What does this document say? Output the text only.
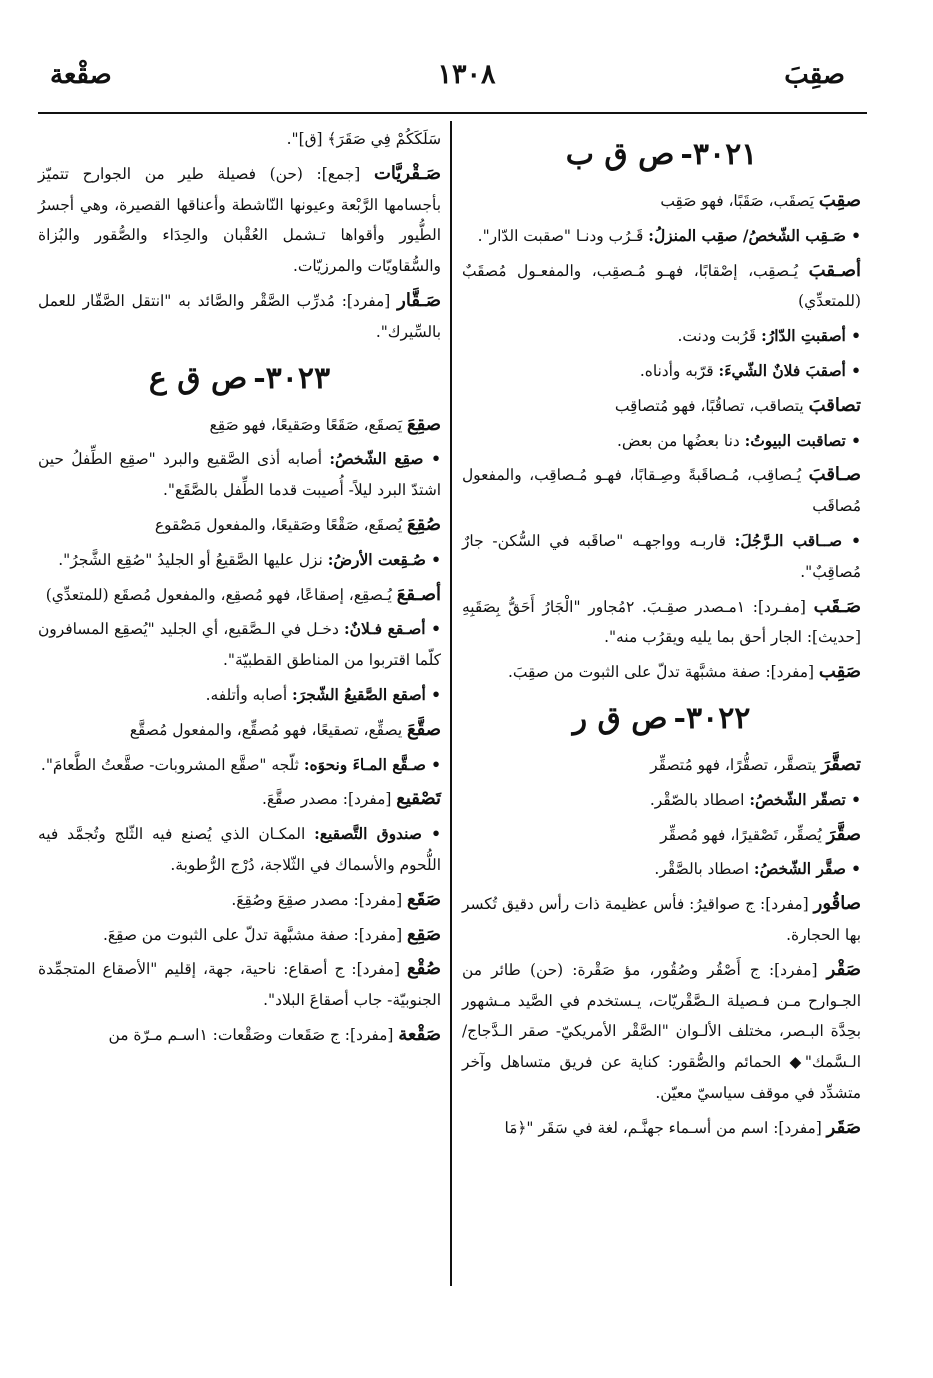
صقِبَ
١٣٠٨
صقْعة
٣٠٢١-
ص ق ب

صقِبَ يَصقَب، صَقَبًا، فهو صَقِب

• صَـقِب الشّخصُ/ صقِب المنزلُ: قَـرُب ودنـا "صقبت الدّار".

أصـقبَ يُـصقِب، إصْقابًا، فهـو مُـصقِب، والمفعـول مُصقَبٌ (للمتعدِّي)

• أصقبتِ الدّارُ: قَرُبت ودنت.

• أصقبَ فلانٌ الشّيءَ: قرّبه وأدناه.

تصاقبَ يتصاقب، تصاقُبًا، فهو مُتصاقِب

• تصاقبت البيوتُ: دنا بعضُها من بعض.

صـاقبَ يُـصاقِب، مُـصاقَبةً وصِـقابًا، فهـو مُـصاقِب، والمفعول مُصاقَب

• صــاقب الـرَّجُلَ: قاربـه وواجهـه "صاقَبه في السُّكن- جارٌ مُصاقِبٌ".

صَـقَب [مفـرد]: ١مـصدر صقِـبَ. ٢مُجاور "الْجَارُ أَحَقُّ بِصَقَبِهِ [حديث]: الجار أحق بما يليه ويقرُب منه".

صَقِب [مفرد]: صفة مشبَّهة تدلّ على الثبوت من صقِبَ.

٣٠٢٢-
ص ق ر

تصقَّرَ يتصقَّر، تصقُّرًا، فهو مُتصقِّر

• تصقّر الشّخصُ: اصطاد بالصّقْر.

صقَّرَ يُصقِّر، تَصْقيرًا، فهو مُصقِّر

• صقَّر الشّخصُ: اصطاد بالصَّقْر.

صاقُور [مفرد]: ج صواقيرُ: فأس عظيمة ذات رأس دقيق تُكسر بها الحجارة.

صَقْر [مفرد]: ج أَصْقُر وصُقُور، مؤ صَقْرة: (حن) طائر من الجـوارح مـن فـصيلة الـصَّقْريّات، يـستخدم في الصَّيد مـشهور بحِدَّة البـصر، مختلف الألـوان "الصَّقْر الأمريكيّ- صقر الـدَّجاج/ الـسَّمك"◆ الحمائم والصُّقور: كناية عن فريق متساهل وآخر متشدِّد في موقف سياسيّ معيّن.

صَقَر [مفرد]: اسم من أسـماء جهنَّـم، لغة في سَقَر "﴿مَا

سَلَكَكُمْ فِي صَقَرَ﴾ [ق]".

صَـقْريَّات [جمع]: (حن) فصيلة طير من الجوارح تتميّز بأجسامها الرَّبْعة وعيونها النّاشطة وأعناقها القصيرة، وهي أجسرُ الطُّيور وأقواها تـشمل العُقْبان والحِدَاء والصُّقور والبُزاة والسُّقاويّات والمرزيّات.

صَـقَّار [مفرد]: مُدرِّب الصَّقْر والصَّائد به "انتقل الصَّقّار للعمل بالسِّيرك".

٣٠٢٣-
ص ق ع

صقِعَ يَصقَع، صَقَعًا وصَقيعًا، فهو صَقِع

• صقِع الشّخصُ: أصابه أذى الصَّقيع والبرد "صقِع الطِّفلُ حين اشتدّ البرد ليلاً- أُصيبت قدما الطِّفل بالصَّقَع".

صُقِعَ يُصقَع، صَقْعًا وصَقيعًا، والمفعول مَصْقوع

• صُـقِعت الأرضُ: نزل عليها الصَّقيعُ أو الجليدُ "صُقِع الشَّجرُ".

أصـقعَ يُـصقِع، إصقاعًا، فهو مُصقِع، والمفعول مُصقَع (للمتعدِّي)

• أصـقع فـلانٌ: دخـل في الـصَّقيع، أي الجليد "يُصقِع المسافرون كلّما اقتربوا من المناطق القطبيّة".

• أصقع الصَّقيعُ الشّجرَ: أصابه وأتلفه.

صقَّعَ يصقِّع، تصقيعًا، فهو مُصقِّع، والمفعول مُصقَّع

• صـقَّع المـاءَ ونحوَه: ثلّجه "صقَّع المشروبات- صقَّعتُ الطَّعامَ".

تَصْقيع [مفرد]: مصدر صقَّعَ.

• صندوق التَّصقيع: المكـان الذي يُصنع فيه الثّلج وتُجمَّد فيه اللُّحوم والأسماك في الثّلاجة، دُرْج الرُّطوبة.

صَقَع [مفرد]: مصدر صقِعَ وصُقِعَ.

صَقِع [مفرد]: صفة مشبَّهة تدلّ على الثبوت من صقِعَ.

صُقْع [مفرد]: ج أصقاع: ناحية، جهة، إقليم "الأصقاع المتجمِّدة الجنوبيّة- جاب أصقاعَ البلاد".

صَقْعة [مفرد]: ج صَقَعات وصَقْعات: ١اسـم مـرّة من
